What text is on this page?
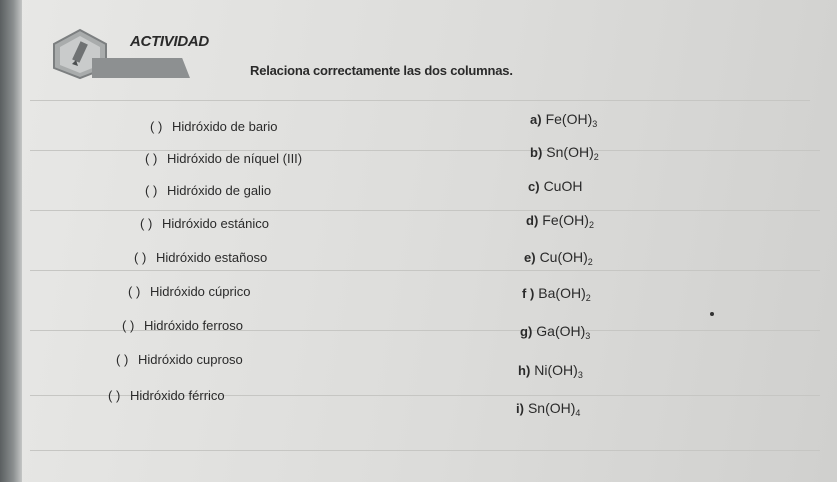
ACTIVIDAD
Relaciona correctamente las dos columnas.
( ) Hidróxido de bario
( ) Hidróxido de níquel (III)
( ) Hidróxido de galio
( ) Hidróxido estánico
( ) Hidróxido estañoso
( ) Hidróxido cúprico
( ) Hidróxido ferroso
( ) Hidróxido cuproso
( ) Hidróxido férrico
a) $Fe(OH)_3$
b) $Sn(OH)_2$
c) CuOH
d) $Fe(OH)_2$
e) $Cu(OH)_2$
f ) $Ba(OH)_2$
g) $Ga(OH)_3$
h) $Ni(OH)_3$
i) $Sn(OH)_4$
